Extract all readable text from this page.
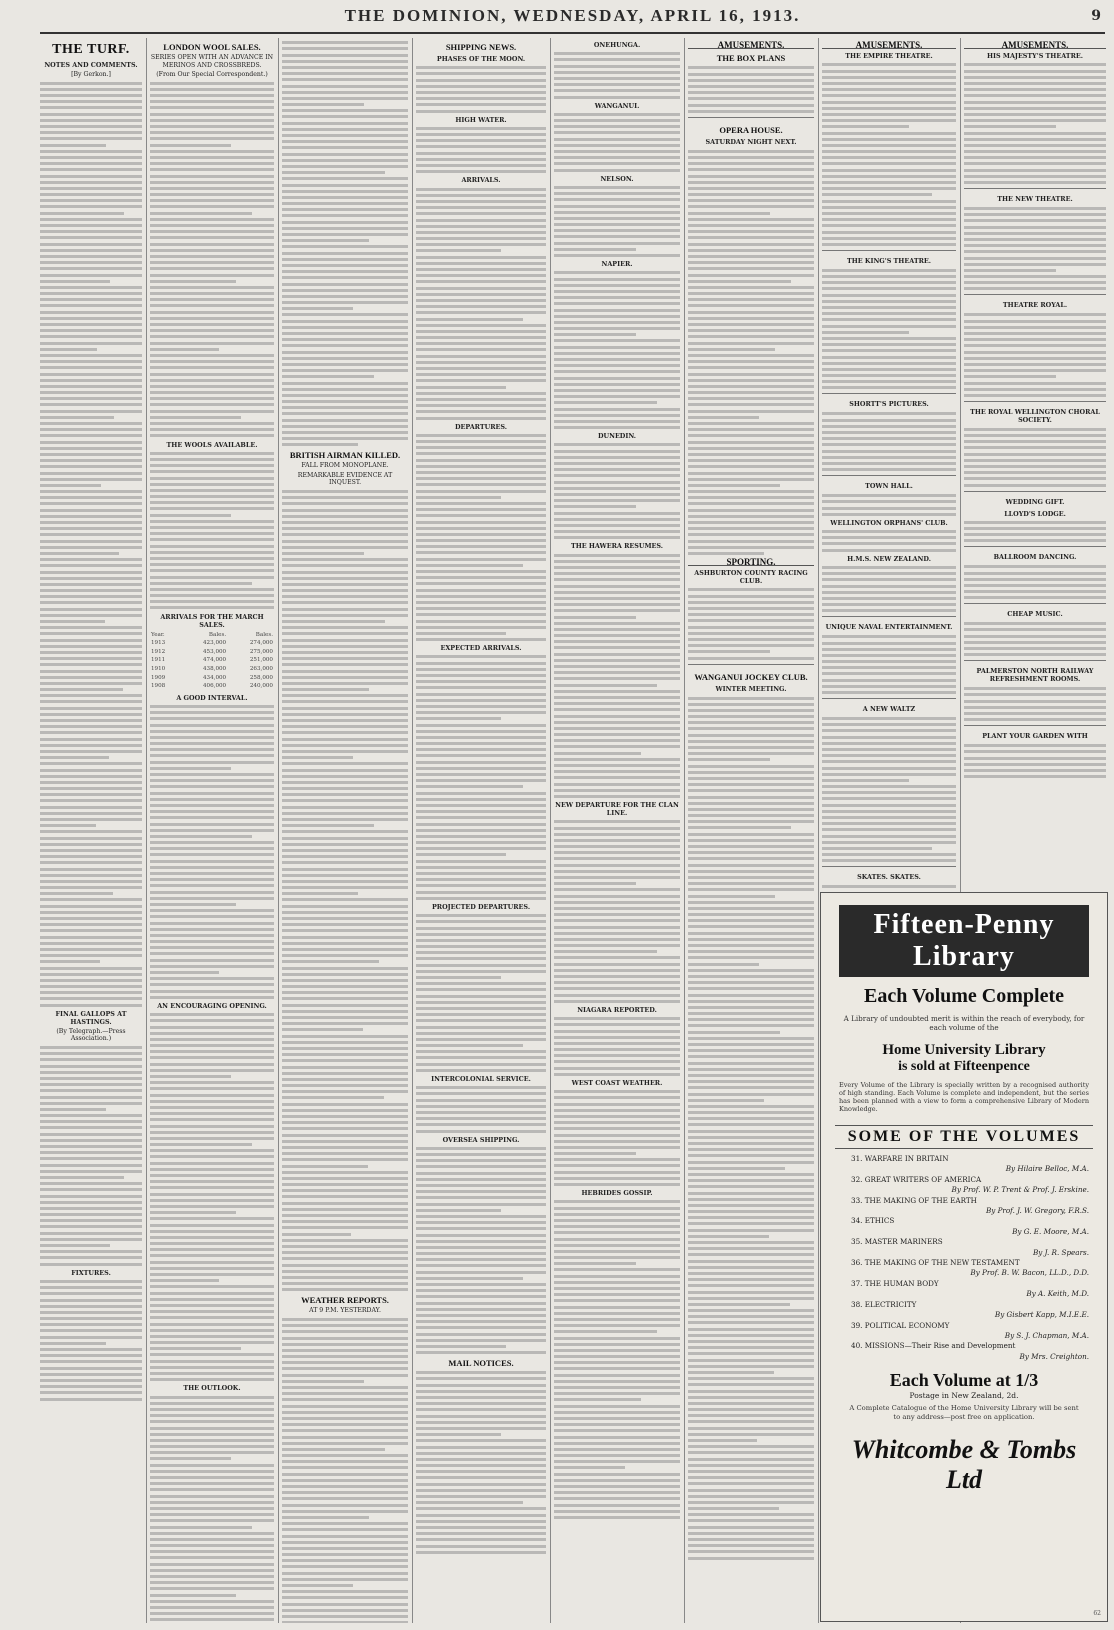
THE DOMINION, WEDNESDAY, APRIL 16, 1913.	9
THE TURF.
NOTES AND COMMENTS.
[By Gerkon.]
FINAL GALLOPS AT HASTINGS.
(By Telegraph.—Press Association.)
FIXTURES.
LONDON WOOL SALES.
SERIES OPEN WITH AN ADVANCE IN MERINOS AND CROSSBREDS.
(From Our Special Correspondent.)
THE WOOLS AVAILABLE.
ARRIVALS FOR THE MARCH SALES.
Year.	Bales.	Bales.
1913	423,000	274,000
1912	453,000	275,000
1911	474,000	251,000
1910	438,000	263,000
1909	434,000	258,000
1908	406,000	240,000
A GOOD INTERVAL.
AN ENCOURAGING OPENING.
THE OUTLOOK.
BRITISH AIRMAN KILLED.
FALL FROM MONOPLANE.
REMARKABLE EVIDENCE AT INQUEST.
WEATHER REPORTS.
AT 9 P.M. YESTERDAY.
SHIPPING NEWS.
PHASES OF THE MOON.
HIGH WATER.
ARRIVALS.
DEPARTURES.
EXPECTED ARRIVALS.
PROJECTED DEPARTURES.
INTERCOLONIAL SERVICE.
OVERSEA SHIPPING.
MAIL NOTICES.
ONEHUNGA.
WANGANUI.
NELSON.
NAPIER.
DUNEDIN.
THE HAWERA RESUMES.
NEW DEPARTURE FOR THE CLAN LINE.
NIAGARA REPORTED.
WEST COAST WEATHER.
HEBRIDES GOSSIP.
AMUSEMENTS.
THE BOX PLANS
OPERA HOUSE.
SATURDAY NIGHT NEXT.
SPORTING.
ASHBURTON COUNTY RACING CLUB.
WANGANUI JOCKEY CLUB.
WINTER MEETING.
AMUSEMENTS.
THE EMPIRE THEATRE.
THE KING'S THEATRE.
SHORTT'S PICTURES.
TOWN HALL.
WELLINGTON ORPHANS' CLUB.
H.M.S. NEW ZEALAND.
UNIQUE NAVAL ENTERTAINMENT.
A NEW WALTZ
SKATES. SKATES.
AMUSEMENTS.
HIS MAJESTY'S THEATRE.
THE NEW THEATRE.
THEATRE ROYAL.
THE ROYAL WELLINGTON CHORAL SOCIETY.
WEDDING GIFT.
LLOYD'S LODGE.
BALLROOM DANCING.
CHEAP MUSIC.
PALMERSTON NORTH RAILWAY REFRESHMENT ROOMS.
PLANT YOUR GARDEN WITH
Fifteen-Penny Library
Each Volume Complete
A Library of undoubted merit is within the reach of everybody, for each volume of the
Home University Library
is sold at Fifteenpence
Every Volume of the Library is specially written by a recognised authority of high standing. Each Volume is complete and independent, but the series has been planned with a view to form a comprehensive Library of Modern Knowledge.
SOME OF THE VOLUMES
31. WARFARE IN BRITAIN

By Hilaire Belloc, M.A.

32. GREAT WRITERS OF AMERICA

By Prof. W. P. Trent & Prof. J. Erskine.

33. THE MAKING OF THE EARTH

By Prof. J. W. Gregory, F.R.S.

34. ETHICS

By G. E. Moore, M.A.

35. MASTER MARINERS

By J. R. Spears.

36. THE MAKING OF THE NEW TESTAMENT

By Prof. B. W. Bacon, LL.D., D.D.

37. THE HUMAN BODY

By A. Keith, M.D.

38. ELECTRICITY

By Gisbert Kapp, M.I.E.E.

39. POLITICAL ECONOMY

By S. J. Chapman, M.A.

40. MISSIONS—Their Rise and Development

By Mrs. Creighton.

Each Volume at 1/3
Postage in New Zealand, 2d.
A Complete Catalogue of the Home University Library will be sent to any address—post free on application.
Whitcombe & Tombs Ltd
62
